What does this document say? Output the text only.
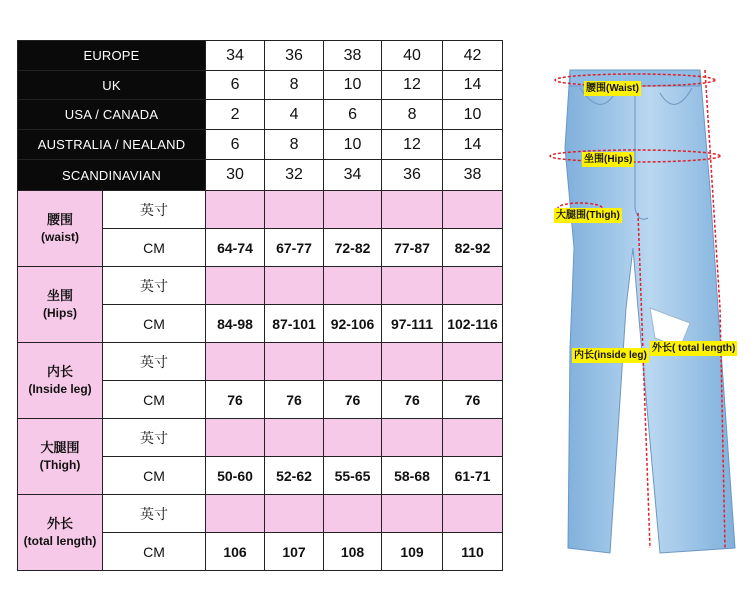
EUROPE		34	36	38	40	42
UK		6	8	10	12	14
USA / CANADA		2	4	6	8	10
AUSTRALIA / NEALAND		6	8	10	12	14
SCANDINAVIAN		30	32	34	36	38

腰围
(waist)	英寸					
	CM	64-74	67-77	72-82	77-87	82-92

坐围
(Hips)	英寸					
	CM	84-98	87-101	92-106	97-111	102-116

内长
(Inside leg)	英寸					
	CM	76	76	76	76	76

大腿围
(Thigh)	英寸					
	CM	50-60	52-62	55-65	58-68	61-71

外长
(total length)	英寸					
	CM	106	107	108	109	110
腰围(Waist)
坐围(Hips)
大腿围(Thigh)
内长(inside leg)
外长( total length)
